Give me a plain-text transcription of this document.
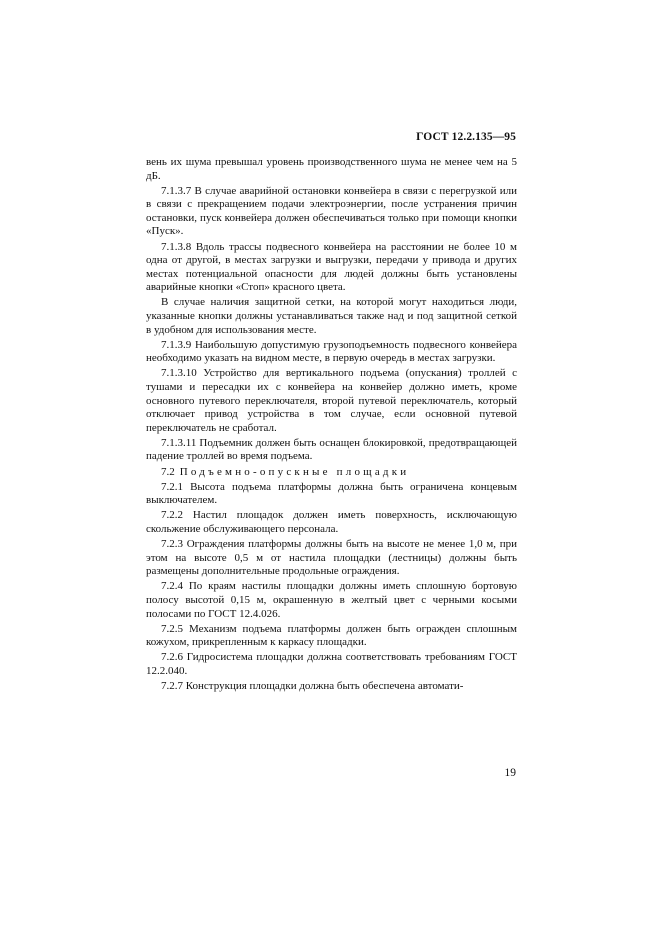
ГОСТ 12.2.135—95

вень их шума превышал уровень производственного шума не менее чем на 5 дБ.

7.1.3.7 В случае аварийной остановки конвейера в связи с перегрузкой или в связи с прекращением подачи электроэнергии, после устранения причин остановки, пуск конвейера должен обеспечиваться только при помощи кнопки «Пуск».

7.1.3.8 Вдоль трассы подвесного конвейера на расстоянии не более 10 м одна от другой, в местах загрузки и выгрузки, передачи у привода и других местах потенциальной опасности для людей должны быть установлены аварийные кнопки «Стоп» красного цвета.

В случае наличия защитной сетки, на которой могут находиться люди, указанные кнопки должны устанавливаться также над и под защитной сеткой в удобном для использования месте.

7.1.3.9 Наибольшую допустимую грузоподъемность подвесного конвейера необходимо указать на видном месте, в первую очередь в местах загрузки.

7.1.3.10 Устройство для вертикального подъема (опускания) троллей с тушами и пересадки их с конвейера на конвейер должно иметь, кроме основного путевого переключателя, второй путевой переключатель, который отключает привод устройства в том случае, если основной путевой переключатель не сработал.

7.1.3.11 Подъемник должен быть оснащен блокировкой, предотвращающей падение троллей во время подъема.

7.2 Подъемно-опускные площадки

7.2.1 Высота подъема платформы должна быть ограничена концевым выключателем.

7.2.2 Настил площадок должен иметь поверхность, исключающую скольжение обслуживающего персонала.

7.2.3 Ограждения платформы должны быть на высоте не менее 1,0 м, при этом на высоте 0,5 м от настила площадки (лестницы) должны быть размещены дополнительные продольные ограждения.

7.2.4 По краям настилы площадки должны иметь сплошную бортовую полосу высотой 0,15 м, окрашенную в желтый цвет с черными косыми полосами по ГОСТ 12.4.026.

7.2.5 Механизм подъема платформы должен быть огражден сплошным кожухом, прикрепленным к каркасу площадки.

7.2.6 Гидросистема площадки должна соответствовать требованиям ГОСТ 12.2.040.

7.2.7 Конструкция площадки должна быть обеспечена автомати-

19
